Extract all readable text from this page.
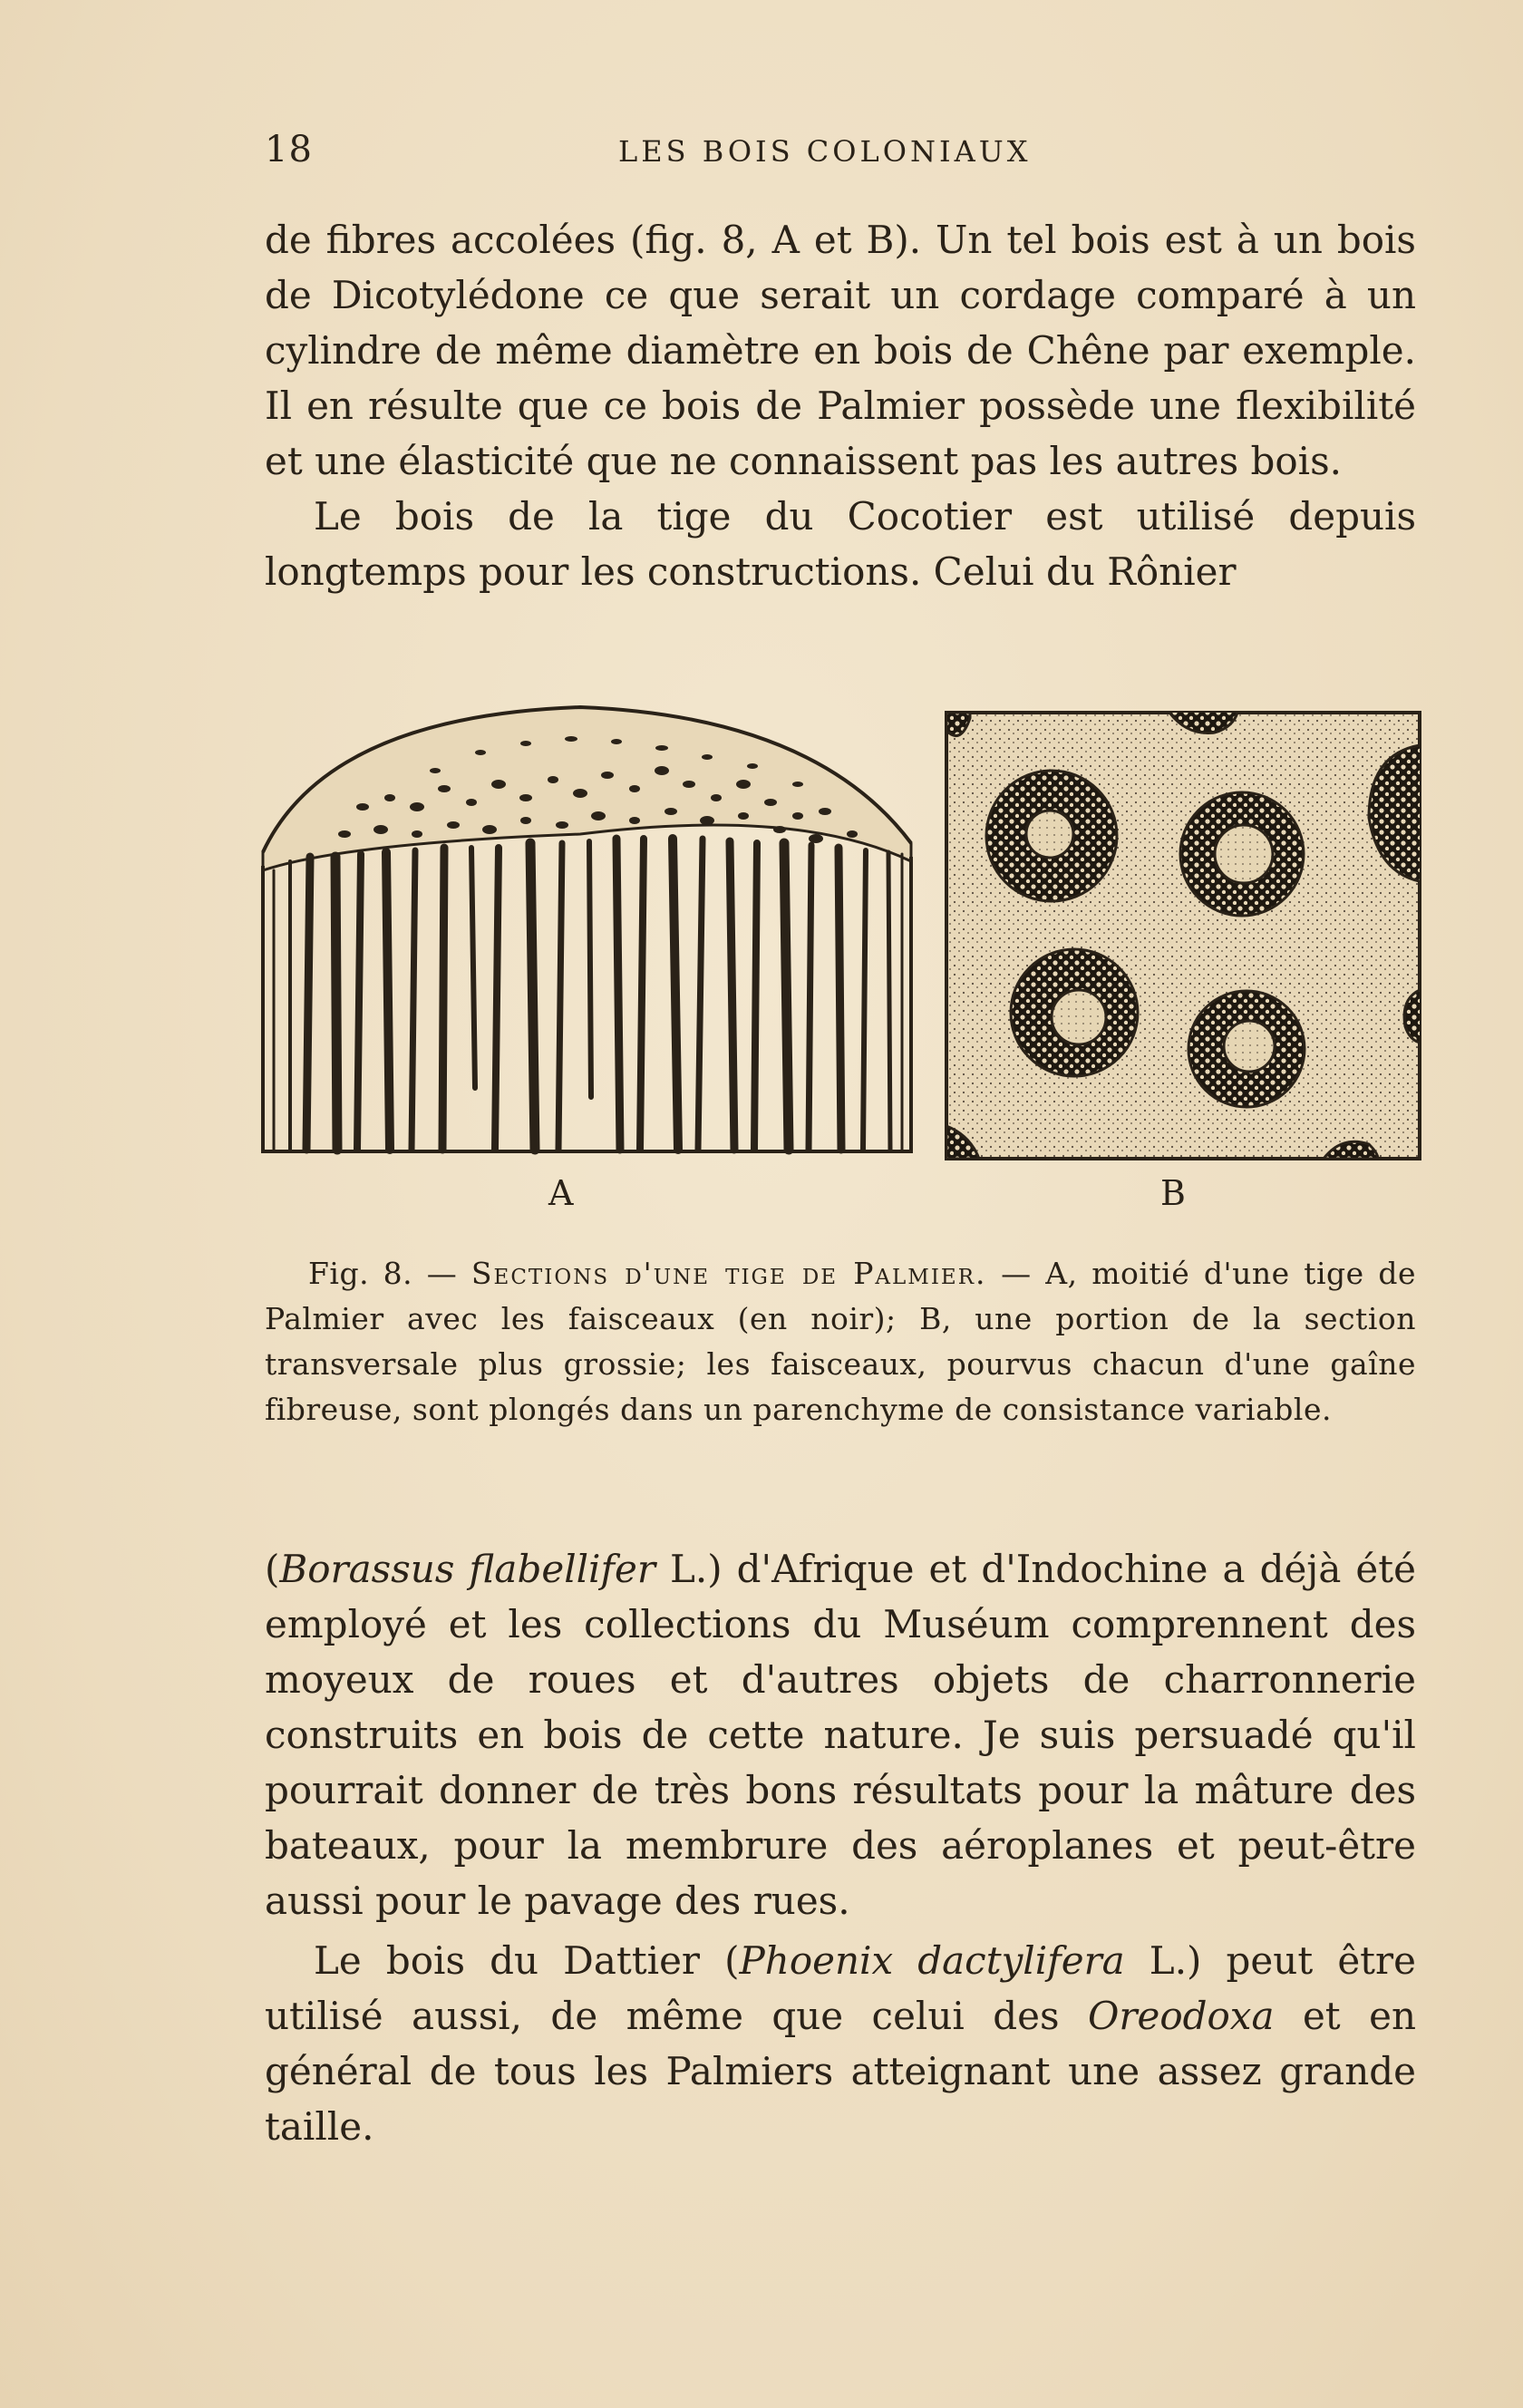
18	LES BOIS COLONIAUX

de fibres accolées (fig. 8, A et B). Un tel bois est à un bois de Dicotylédone ce que serait un cordage comparé à un cylindre de même diamètre en bois de Chêne par exemple. Il en résulte que ce bois de Palmier possède une flexibilité et une élasticité que ne connaissent pas les autres bois.
Le bois de la tige du Cocotier est utilisé depuis longtemps pour les constructions. Celui du Rônier

A	B

Fig. 8. — Sections d'une tige de Palmier. — A, moitié d'une tige de Palmier avec les faisceaux (en noir); B, une portion de la section transversale plus grossie; les faisceaux, pourvus chacun d'une gaîne fibreuse, sont plongés dans un parenchyme de consistance variable.

(Borassus flabellifer L.) d'Afrique et d'Indochine a déjà été employé et les collections du Muséum comprennent des moyeux de roues et d'autres objets de charronnerie construits en bois de cette nature. Je suis persuadé qu'il pourrait donner de très bons résultats pour la mâture des bateaux, pour la membrure des aéroplanes et peut-être aussi pour le pavage des rues.

Le bois du Dattier (Phoenix dactylifera L.) peut être utilisé aussi, de même que celui des Oreodoxa et en général de tous les Palmiers atteignant une assez grande taille.
